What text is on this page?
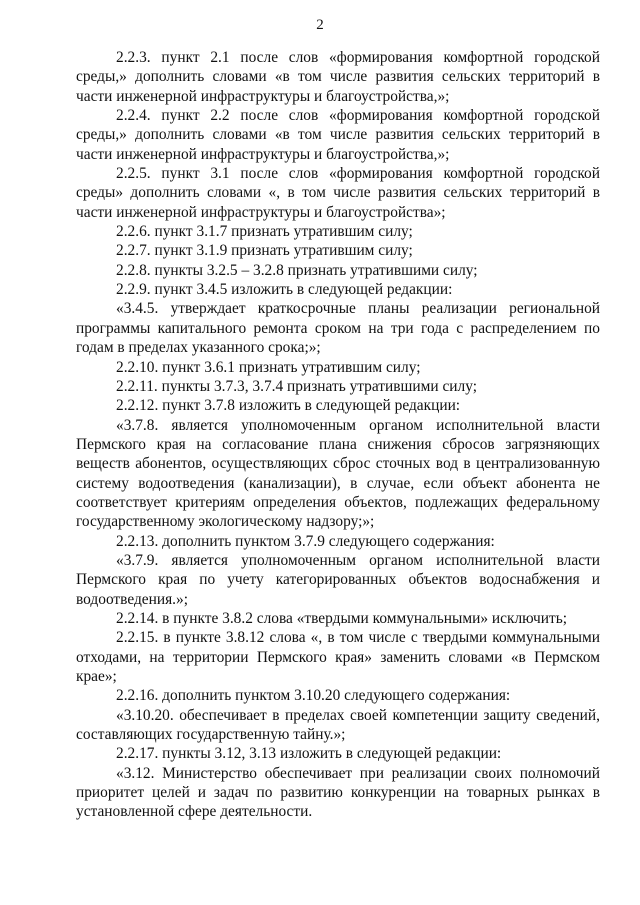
2

2.2.3. пункт 2.1 после слов «формирования комфортной городской среды,» дополнить словами «в том числе развития сельских территорий в части инженерной инфраструктуры и благоустройства,»;

2.2.4. пункт 2.2 после слов «формирования комфортной городской среды,» дополнить словами «в том числе развития сельских территорий в части инженерной инфраструктуры и благоустройства,»;

2.2.5. пункт 3.1 после слов «формирования комфортной городской среды» дополнить словами «, в том числе развития сельских территорий в части инженерной инфраструктуры и благоустройства»;

2.2.6. пункт 3.1.7 признать утратившим силу;

2.2.7. пункт 3.1.9 признать утратившим силу;

2.2.8. пункты 3.2.5 – 3.2.8 признать утратившими силу;

2.2.9. пункт 3.4.5 изложить в следующей редакции:

«3.4.5. утверждает краткосрочные планы реализации региональной программы капитального ремонта сроком на три года с распределением по годам в пределах указанного срока;»;

2.2.10. пункт 3.6.1 признать утратившим силу;

2.2.11. пункты 3.7.3, 3.7.4 признать утратившими силу;

2.2.12. пункт 3.7.8 изложить в следующей редакции:

«3.7.8. является уполномоченным органом исполнительной власти Пермского края на согласование плана снижения сбросов загрязняющих веществ абонентов, осуществляющих сброс сточных вод в централизованную систему водоотведения (канализации), в случае, если объект абонента не соответствует критериям определения объектов, подлежащих федеральному государственному экологическому надзору;»;

2.2.13. дополнить пунктом 3.7.9 следующего содержания:

«3.7.9. является уполномоченным органом исполнительной власти Пермского края по учету категорированных объектов водоснабжения и водоотведения.»;

2.2.14. в пункте 3.8.2 слова «твердыми коммунальными» исключить;

2.2.15. в пункте 3.8.12 слова «, в том числе с твердыми коммунальными отходами, на территории Пермского края» заменить словами «в Пермском крае»;

2.2.16. дополнить пунктом 3.10.20 следующего содержания:

«3.10.20. обеспечивает в пределах своей компетенции защиту сведений, составляющих государственную тайну.»;

2.2.17. пункты 3.12, 3.13 изложить в следующей редакции:

«3.12. Министерство обеспечивает при реализации своих полномочий приоритет целей и задач по развитию конкуренции на товарных рынках в установленной сфере деятельности.
